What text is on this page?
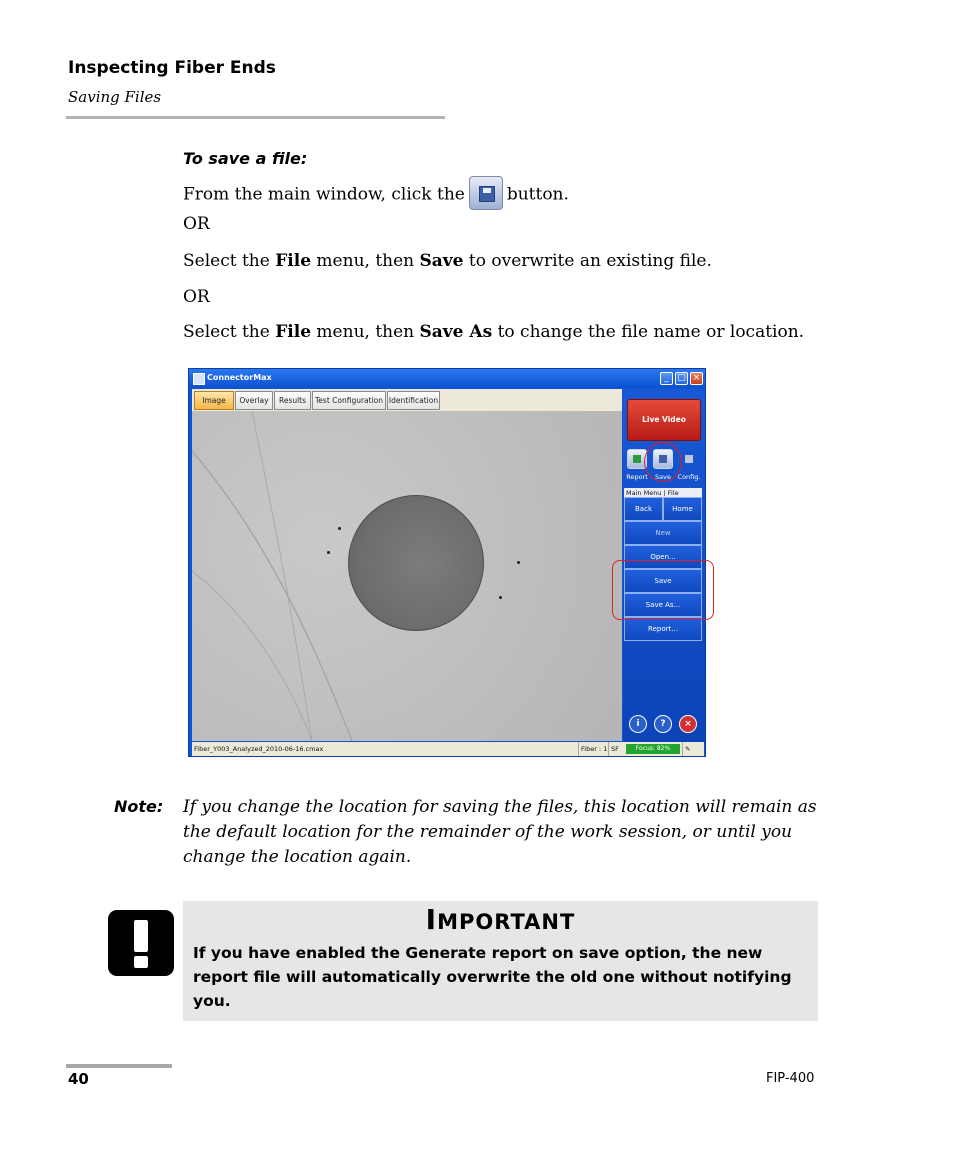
Inspecting Fiber Ends
Saving Files
To save a file:
From the main window, click the button.
OR
Select the File menu, then Save to overwrite an existing file.
OR
Select the File menu, then Save As to change the file name or location.
ConnectorMax	_ □ ×
Image	Overlay	Results	Test Configuration Identification
Live Video
Report	Save	Config.
Main Menu | File
Back	Home
New
Open...
Save
Save As...
Report...
i	?	×
Fiber_Y003_Analyzed_2010-06-16.cmax	Fiber : 1 SF	Focus: 82%	✎
Note: If you change the location for saving the files, this location will remain as the default location for the remainder of the work session, or until you change the location again.
IMPORTANT
If you have enabled the Generate report on save option, the new report file will automatically overwrite the old one without notifying you.
40	FIP-400
